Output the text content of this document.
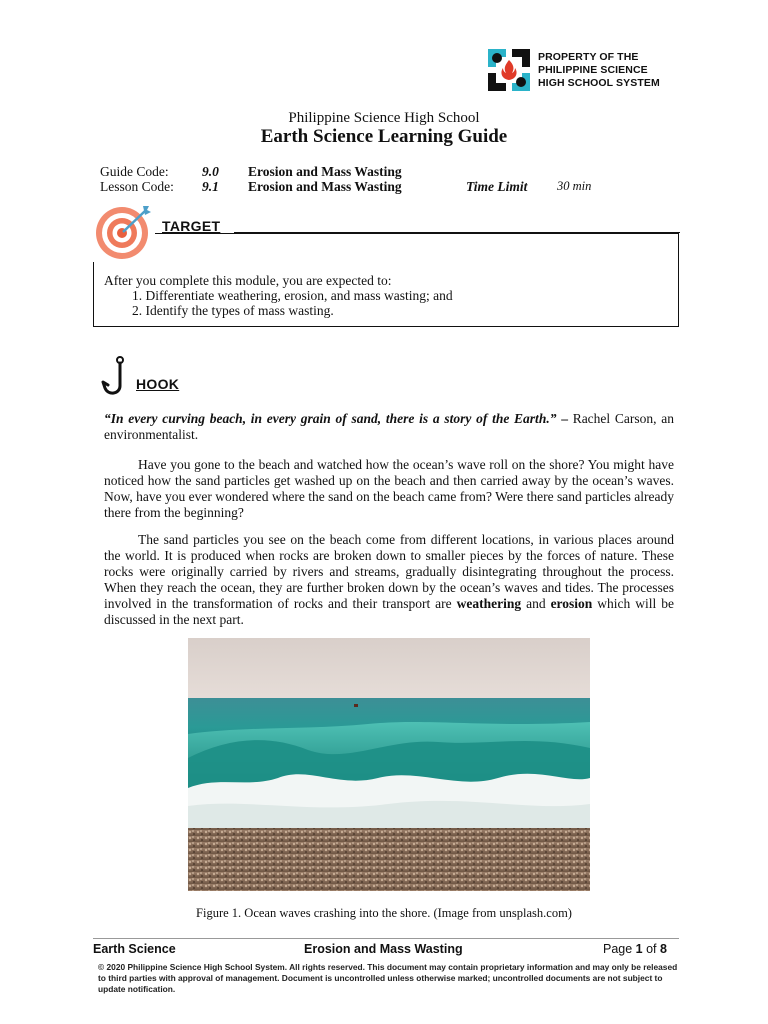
PROPERTY OF THE
PHILIPPINE SCIENCE
HIGH SCHOOL SYSTEM
Philippine Science High School
Earth Science Learning Guide
Guide Code: 9.0 Erosion and Mass Wasting
Lesson Code: 9.1 Erosion and Mass Wasting	Time Limit 30 min
TARGET
After you complete this module, you are expected to:
1. Differentiate weathering, erosion, and mass wasting; and
2. Identify the types of mass wasting.
HOOK
“In every curving beach, in every grain of sand, there is a story of the Earth.” – Rachel Carson, an environmentalist.
Have you gone to the beach and watched how the ocean’s wave roll on the shore? You might have noticed how the sand particles get washed up on the beach and then carried away by the ocean’s waves. Now, have you ever wondered where the sand on the beach came from? Were there sand particles already there from the beginning?
The sand particles you see on the beach come from different locations, in various places around the world. It is produced when rocks are broken down to smaller pieces by the forces of nature. These rocks were originally carried by rivers and streams, gradually disintegrating throughout the process. When they reach the ocean, they are further broken down by the ocean’s waves and tides. The processes involved in the transformation of rocks and their transport are weathering and erosion which will be discussed in the next part.
Figure 1. Ocean waves crashing into the shore. (Image from unsplash.com)
Earth Science	Erosion and Mass Wasting	Page 1 of 8
© 2020 Philippine Science High School System. All rights reserved. This document may contain proprietary information and may only be released to third parties with approval of management. Document is uncontrolled unless otherwise marked; uncontrolled documents are not subject to update notification.
